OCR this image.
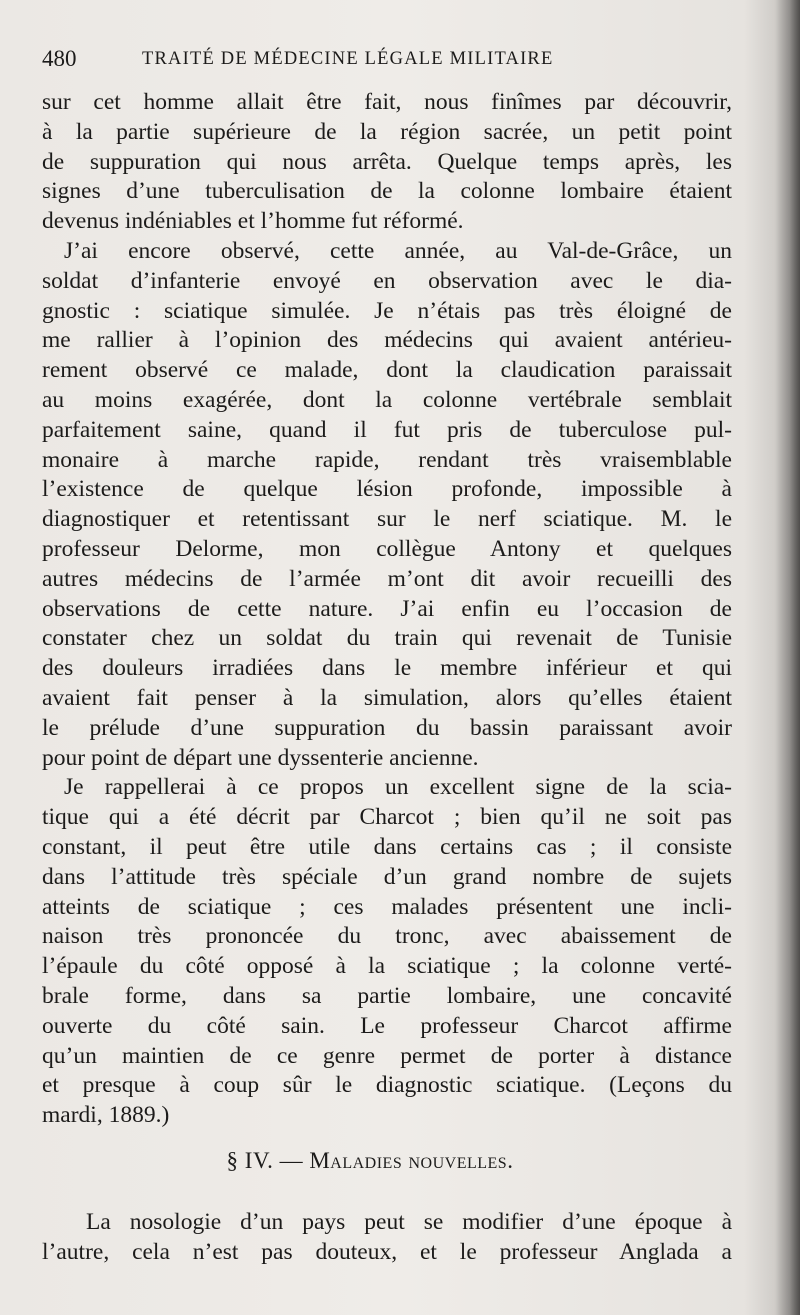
480	TRAITÉ DE MÉDECINE LÉGALE MILITAIRE
sur cet homme allait être fait, nous finîmes par découvrir,
à la partie supérieure de la région sacrée, un petit point
de suppuration qui nous arrêta. Quelque temps après, les
signes d’une tuberculisation de la colonne lombaire étaient
devenus indéniables et l’homme fut réformé.
J’ai encore observé, cette année, au Val-de-Grâce, un
soldat d’infanterie envoyé en observation avec le dia-
gnostic : sciatique simulée. Je n’étais pas très éloigné de
me rallier à l’opinion des médecins qui avaient antérieu-
rement observé ce malade, dont la claudication paraissait
au moins exagérée, dont la colonne vertébrale semblait
parfaitement saine, quand il fut pris de tuberculose pul-
monaire à marche rapide, rendant très vraisemblable
l’existence de quelque lésion profonde, impossible à
diagnostiquer et retentissant sur le nerf sciatique. M. le
professeur Delorme, mon collègue Antony et quelques
autres médecins de l’armée m’ont dit avoir recueilli des
observations de cette nature. J’ai enfin eu l’occasion de
constater chez un soldat du train qui revenait de Tunisie
des douleurs irradiées dans le membre inférieur et qui
avaient fait penser à la simulation, alors qu’elles étaient
le prélude d’une suppuration du bassin paraissant avoir
pour point de départ une dyssenterie ancienne.
Je rappellerai à ce propos un excellent signe de la scia-
tique qui a été décrit par Charcot ; bien qu’il ne soit pas
constant, il peut être utile dans certains cas ; il consiste
dans l’attitude très spéciale d’un grand nombre de sujets
atteints de sciatique ; ces malades présentent une incli-
naison très prononcée du tronc, avec abaissement de
l’épaule du côté opposé à la sciatique ; la colonne verté-
brale forme, dans sa partie lombaire, une concavité
ouverte du côté sain. Le professeur Charcot affirme
qu’un maintien de ce genre permet de porter à distance
et presque à coup sûr le diagnostic sciatique. (Leçons du
mardi, 1889.)
§ IV. — Maladies nouvelles.
La nosologie d’un pays peut se modifier d’une époque à
l’autre, cela n’est pas douteux, et le professeur Anglada a
